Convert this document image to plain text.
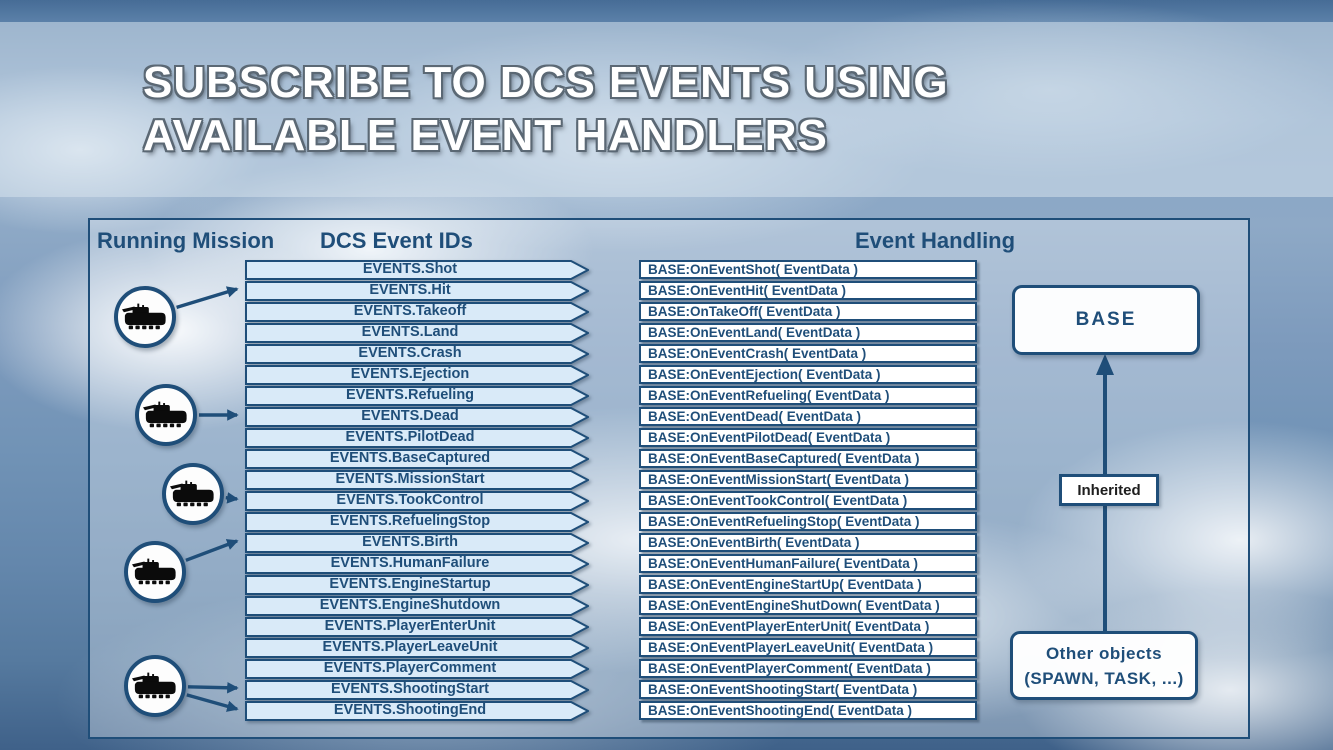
SUBSCRIBE TO DCS EVENTS USING
AVAILABLE EVENT HANDLERS
Running Mission DCS Event IDs	Event Handling
EVENTS.Shot
EVENTS.Hit
EVENTS.Takeoff
EVENTS.Land
EVENTS.Crash
EVENTS.Ejection
EVENTS.Refueling
EVENTS.Dead
EVENTS.PilotDead
EVENTS.BaseCaptured
EVENTS.MissionStart
EVENTS.TookControl
EVENTS.RefuelingStop
EVENTS.Birth
EVENTS.HumanFailure
EVENTS.EngineStartup
EVENTS.EngineShutdown
EVENTS.PlayerEnterUnit
EVENTS.PlayerLeaveUnit
EVENTS.PlayerComment
EVENTS.ShootingStart
EVENTS.ShootingEnd
BASE:OnEventShot( EventData )
BASE:OnEventHit( EventData )
BASE:OnTakeOff( EventData )
BASE:OnEventLand( EventData )
BASE:OnEventCrash( EventData )
BASE:OnEventEjection( EventData )
BASE:OnEventRefueling( EventData )
BASE:OnEventDead( EventData )
BASE:OnEventPilotDead( EventData )
BASE:OnEventBaseCaptured( EventData )
BASE:OnEventMissionStart( EventData )
BASE:OnEventTookControl( EventData )
BASE:OnEventRefuelingStop( EventData )
BASE:OnEventBirth( EventData )
BASE:OnEventHumanFailure( EventData )
BASE:OnEventEngineStartUp( EventData )
BASE:OnEventEngineShutDown( EventData )
BASE:OnEventPlayerEnterUnit( EventData )
BASE:OnEventPlayerLeaveUnit( EventData )
BASE:OnEventPlayerComment( EventData )
BASE:OnEventShootingStart( EventData )
BASE:OnEventShootingEnd( EventData )
BASE
Inherited
Other objects
(SPAWN, TASK, ...)
